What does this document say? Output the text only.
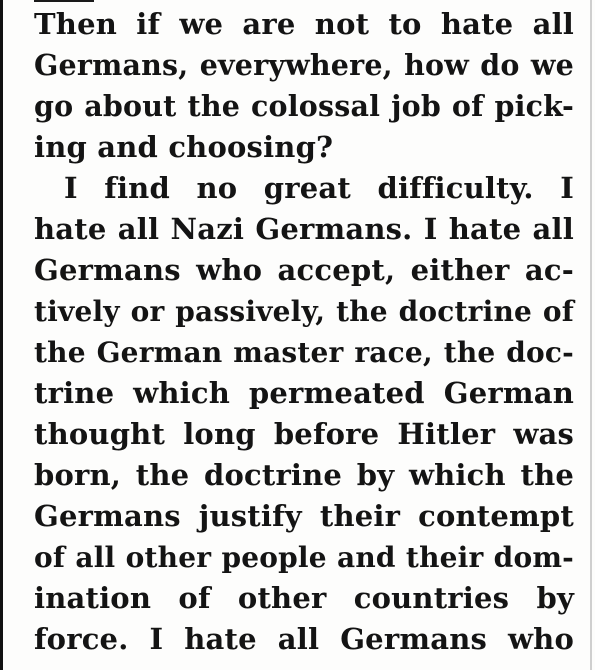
Then if we are not to hate all

Germans, everywhere, how do we

go about the colossal job of pick-

ing and choosing?

I find no great difficulty. I

hate all Nazi Germans. I hate all

Germans who accept, either ac-

tively or passively, the doctrine of

the German master race, the doc-

trine which permeated German

thought long before Hitler was

born, the doctrine by which the

Germans justify their contempt

of all other people and their dom-

ination of other countries by

force. I hate all Germans who
